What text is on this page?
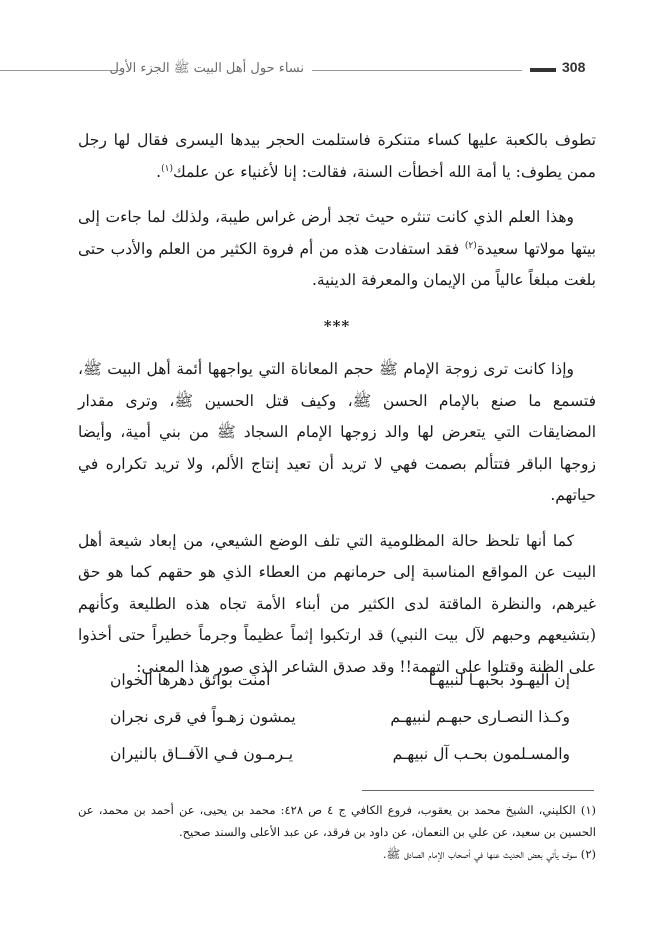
نساء حول أهل البيت ﷺ الجزء الأول	308

تطوف بالكعبة عليها كساء متنكرة فاستلمت الحجر بيدها اليسرى فقال لها رجل ممن يطوف: يا أمة الله أخطأت السنة، فقالت: إنا لأغنياء عن علمك$^{(١)}$.

وهذا العلم الذي كانت تنثره حيث تجد أرض غراس طيبة، ولذلك لما جاءت إلى بيتها مولاتها سعيدة$^{(٢)}$ فقد استفادت هذه من أم فروة الكثير من العلم والأدب حتى بلغت مبلغاً عالياً من الإيمان والمعرفة الدينية.

***

وإذا كانت ترى زوجة الإمام ﷺ حجم المعاناة التي يواجهها أئمة أهل البيت ﷺ، فتسمع ما صنع بالإمام الحسن ﷺ، وكيف قتل الحسين ﷺ، وترى مقدار المضايقات التي يتعرض لها والد زوجها الإمام السجاد ﷺ من بني أمية، وأيضا زوجها الباقر فتتألم بصمت فهي لا تريد أن تعيد إنتاج الألم، ولا تريد تكراره في حياتهم.

كما أنها تلحظ حالة المظلومية التي تلف الوضع الشيعي، من إبعاد شيعة أهل البيت عن المواقع المناسبة إلى حرمانهم من العطاء الذي هو حقهم كما هو حق غيرهم، والنظرة الماقتة لدى الكثير من أبناء الأمة تجاه هذه الطليعة وكأنهم (بتشيعهم وحبهم لآل بيت النبي) قد ارتكبوا إثماً عظيماً وجرماً خطيراً حتى أخذوا على الظنة وقتلوا على التهمة!! وقد صدق الشاعر الذي صور هذا المعنى:

إن اليهـود بحبهـا لنبيهـا
أمنت بوائق دهرها الخوان
وكـذا النصـارى حبهـم لنبيهـم
يمشون زهـواً في قرى نجران
والمسـلمون بحـب آل نبيهـم
يـرمـون فـي الآفــاق بالنيران

(١) الكليني، الشيخ محمد بن يعقوب، فروع الكافي ج ٤ ص ٤٢٨: محمد بن يحيى، عن أحمد بن محمد، عن الحسين بن سعيد، عن علي بن النعمان، عن داود بن فرقد، عن عبد الأعلى والسند صحيح.

(٢) سوف يأتي بعض الحديث عنها في أصحاب الإمام الصادق ﷺ.
